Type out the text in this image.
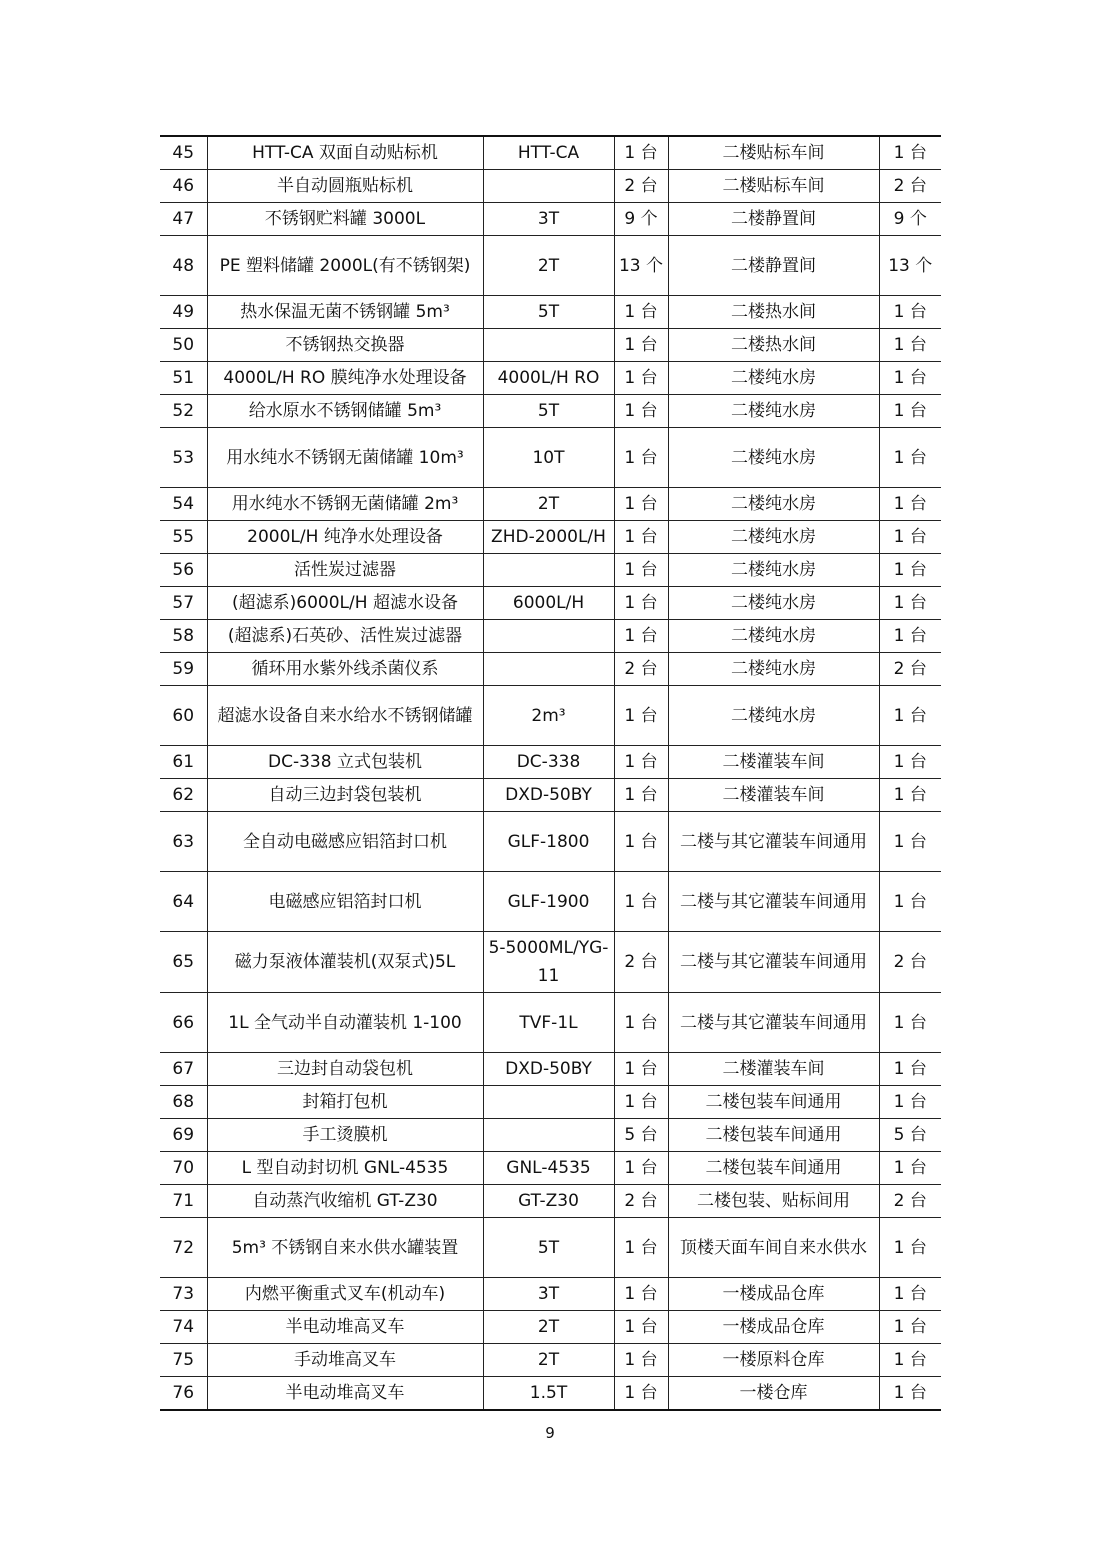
45	HTT-CA 双面自动贴标机	HTT-CA	1 台	二楼贴标车间	1 台
46	半自动圆瓶贴标机		2 台	二楼贴标车间	2 台
47	不锈钢贮料罐 3000L	3T	9 个	二楼静置间	9 个
48	PE 塑料储罐 2000L(有不锈钢架)	2T	13 个	二楼静置间	13 个
49	热水保温无菌不锈钢罐 5m³	5T	1 台	二楼热水间	1 台
50	不锈钢热交换器		1 台	二楼热水间	1 台
51	4000L/H RO 膜纯净水处理设备	4000L/H RO	1 台	二楼纯水房	1 台
52	给水原水不锈钢储罐 5m³	5T	1 台	二楼纯水房	1 台
53	用水纯水不锈钢无菌储罐 10m³	10T	1 台	二楼纯水房	1 台
54	用水纯水不锈钢无菌储罐 2m³	2T	1 台	二楼纯水房	1 台
55	2000L/H 纯净水处理设备	ZHD-2000L/H	1 台	二楼纯水房	1 台
56	活性炭过滤器		1 台	二楼纯水房	1 台
57	(超滤系)6000L/H 超滤水设备	6000L/H	1 台	二楼纯水房	1 台
58	(超滤系)石英砂、活性炭过滤器		1 台	二楼纯水房	1 台
59	循环用水紫外线杀菌仪系		2 台	二楼纯水房	2 台
60	超滤水设备自来水给水不锈钢储罐	2m³	1 台	二楼纯水房	1 台
61	DC-338 立式包装机	DC-338	1 台	二楼灌装车间	1 台
62	自动三边封袋包装机	DXD-50BY	1 台	二楼灌装车间	1 台
63	全自动电磁感应铝箔封口机	GLF-1800	1 台	二楼与其它灌装车间通用	1 台
64	电磁感应铝箔封口机	GLF-1900	1 台	二楼与其它灌装车间通用	1 台
65	磁力泵液体灌装机(双泵式)5L	5-5000ML/YG-11	2 台	二楼与其它灌装车间通用	2 台
66	1L 全气动半自动灌装机 1-100	TVF-1L	1 台	二楼与其它灌装车间通用	1 台
67	三边封自动袋包机	DXD-50BY	1 台	二楼灌装车间	1 台
68	封箱打包机		1 台	二楼包装车间通用	1 台
69	手工烫膜机		5 台	二楼包装车间通用	5 台
70	L 型自动封切机 GNL-4535	GNL-4535	1 台	二楼包装车间通用	1 台
71	自动蒸汽收缩机 GT-Z30	GT-Z30	2 台	二楼包装、贴标间用	2 台
72	5m³ 不锈钢自来水供水罐装置	5T	1 台	顶楼天面车间自来水供水	1 台
73	内燃平衡重式叉车(机动车)	3T	1 台	一楼成品仓库	1 台
74	半电动堆高叉车	2T	1 台	一楼成品仓库	1 台
75	手动堆高叉车	2T	1 台	一楼原料仓库	1 台
76	半电动堆高叉车	1.5T	1 台	一楼仓库	1 台
9
